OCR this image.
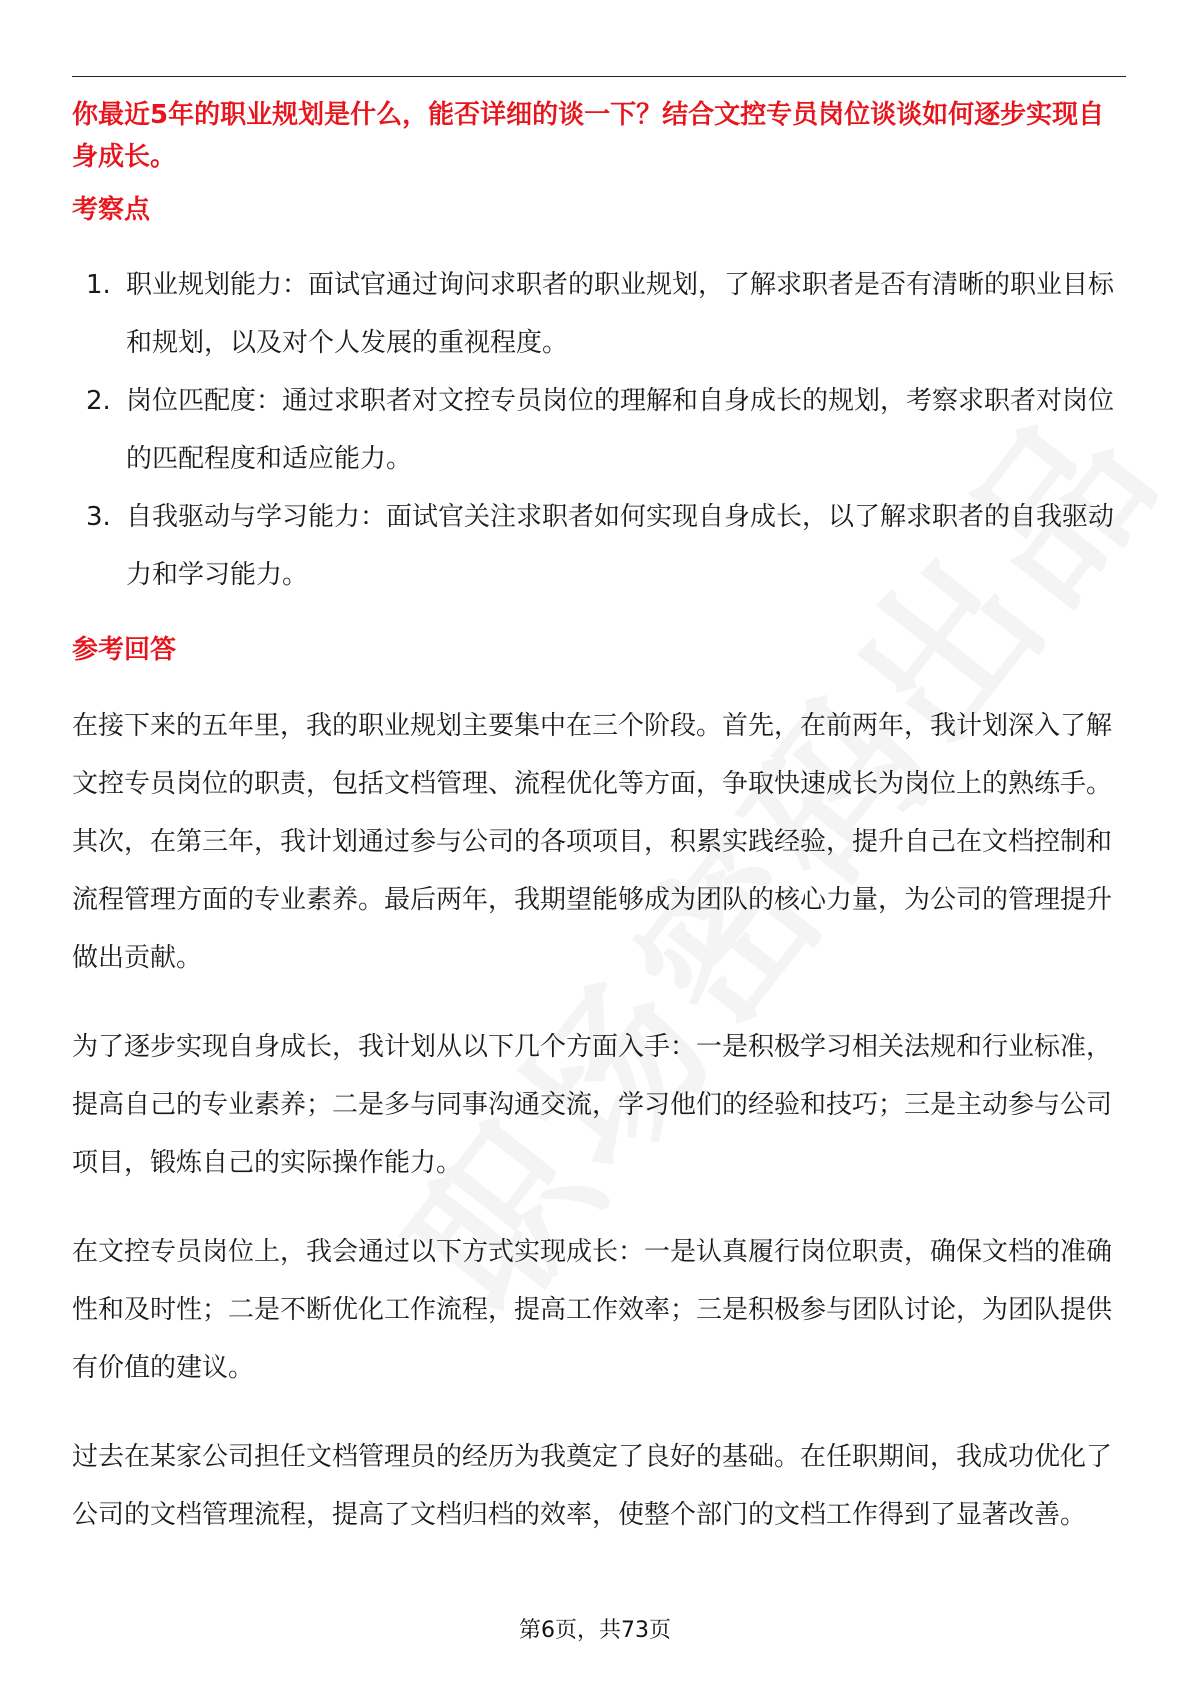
你最近5年的职业规划是什么，能否详细的谈一下？结合文控专员岗位谈谈如何逐步实现自身成长。
考察点
1. 职业规划能力：面试官通过询问求职者的职业规划，了解求职者是否有清晰的职业目标和规划，以及对个人发展的重视程度。
2. 岗位匹配度：通过求职者对文控专员岗位的理解和自身成长的规划，考察求职者对岗位的匹配程度和适应能力。
3. 自我驱动与学习能力：面试官关注求职者如何实现自身成长，以了解求职者的自我驱动力和学习能力。
参考回答

在接下来的五年里，我的职业规划主要集中在三个阶段。首先，在前两年，我计划深入了解文控专员岗位的职责，包括文档管理、流程优化等方面，争取快速成长为岗位上的熟练手。其次，在第三年，我计划通过参与公司的各项项目，积累实践经验，提升自己在文档控制和流程管理方面的专业素养。最后两年，我期望能够成为团队的核心力量，为公司的管理提升做出贡献。

为了逐步实现自身成长，我计划从以下几个方面入手：一是积极学习相关法规和行业标准，提高自己的专业素养；二是多与同事沟通交流，学习他们的经验和技巧；三是主动参与公司项目，锻炼自己的实际操作能力。

在文控专员岗位上，我会通过以下方式实现成长：一是认真履行岗位职责，确保文档的准确性和及时性；二是不断优化工作流程，提高工作效率；三是积极参与团队讨论，为团队提供有价值的建议。

过去在某家公司担任文档管理员的经历为我奠定了良好的基础。在任职期间，我成功优化了公司的文档管理流程，提高了文档归档的效率，使整个部门的文档工作得到了显著改善。

第6页，共73页
